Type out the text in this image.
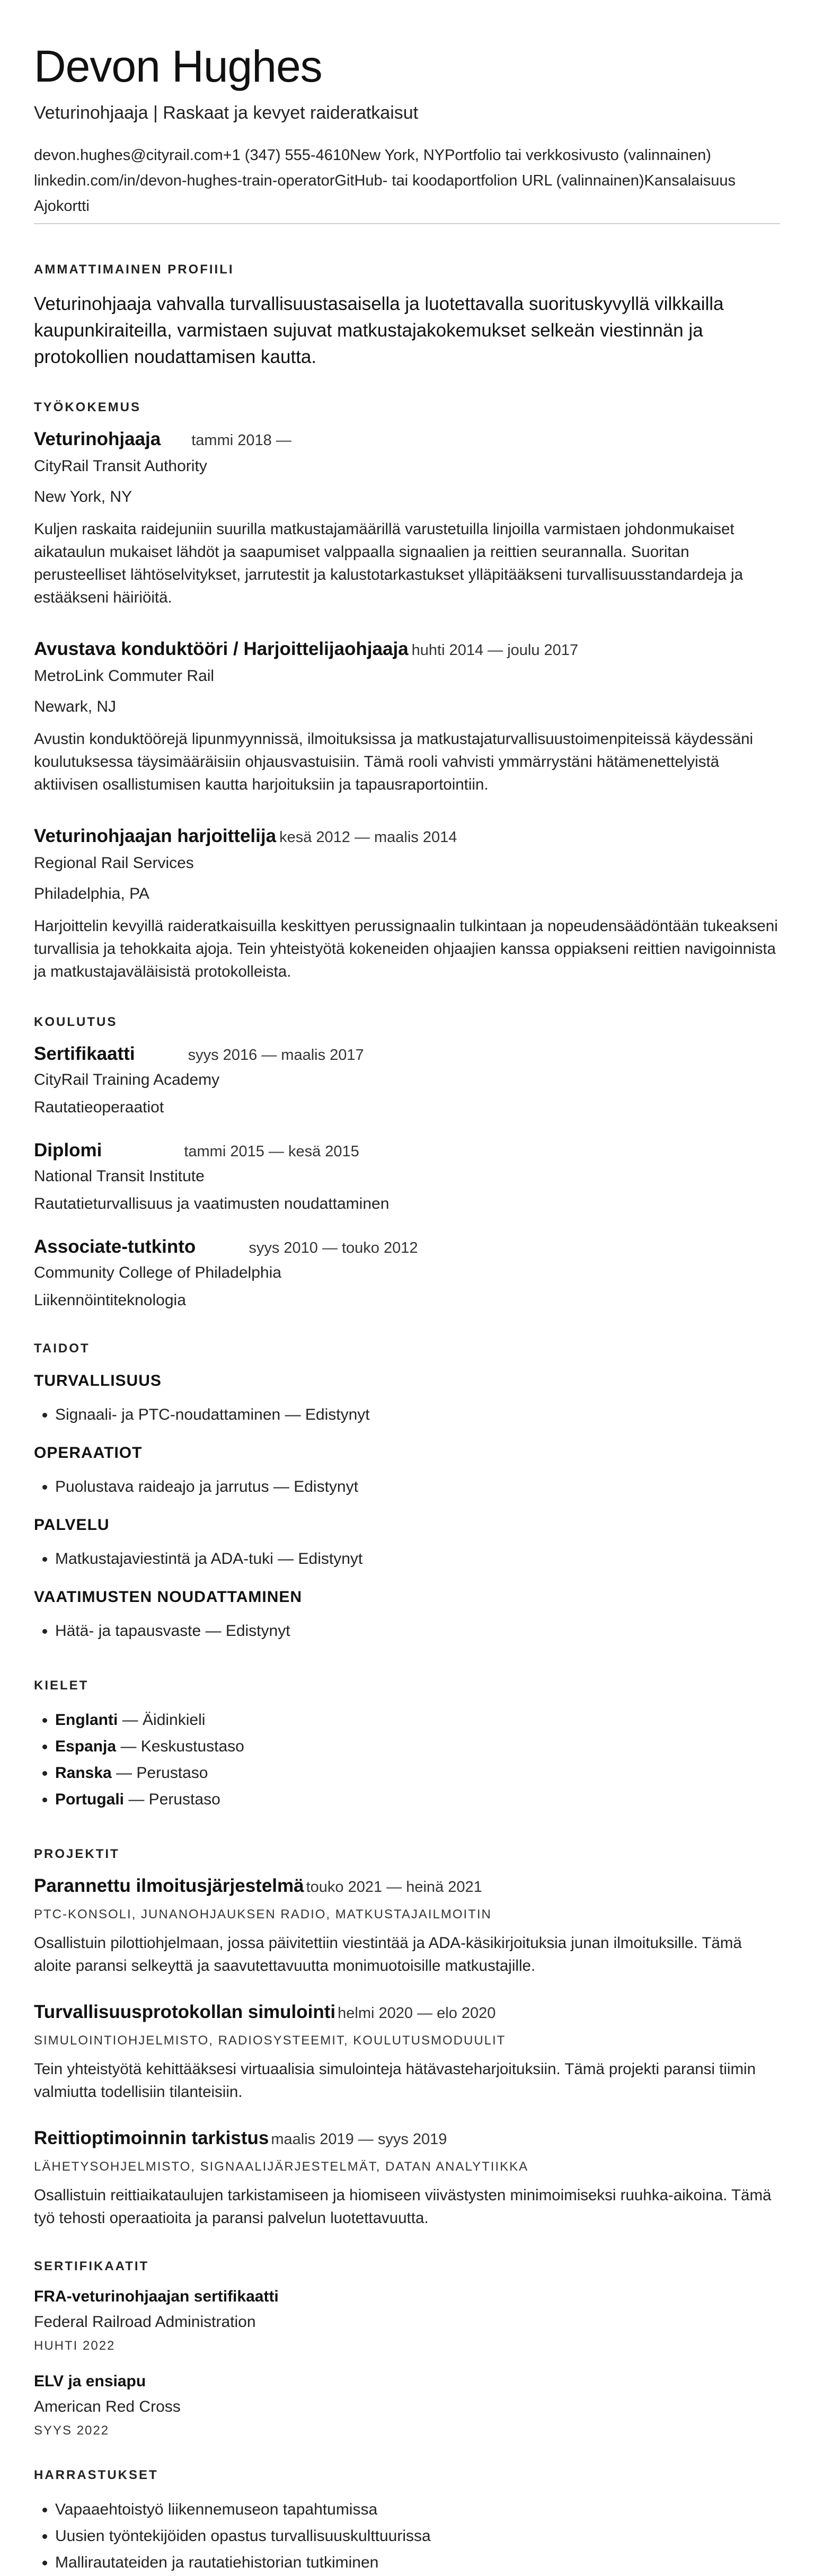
Devon Hughes
Veturinohjaaja | Raskaat ja kevyet raideratkaisut
devon.hughes@cityrail.com+1 (347) 555-4610New York, NYPortfolio tai verkkosivusto (valinnainen)
linkedin.com/in/devon-hughes-train-operatorGitHub- tai koodaportfolion URL (valinnainen)Kansalaisuus
Ajokortti
AMMATTIMAINEN PROFIILI

Veturinohjaaja vahvalla turvallisuustasaisella ja luotettavalla suorituskyvyllä vilkkailla kaupunkiraiteilla, varmistaen sujuvat matkustajakokemukset selkeän viestinnän ja protokollien noudattamisen kautta.

TYÖKOKEMUS
Veturinohjaaja tammi 2018 —
CityRail Transit Authority
New York, NY
Kuljen raskaita raidejuniin suurilla matkustajamäärillä varustetuilla linjoilla varmistaen johdonmukaiset aikataulun mukaiset lähdöt ja saapumiset valppaalla signaalien ja reittien seurannalla. Suoritan perusteelliset lähtöselvitykset, jarrutestit ja kalustotarkastukset ylläpitääkseni turvallisuusstandardeja ja estääkseni häiriöitä.
Avustava konduktööri / Harjoittelijaohjaaja huhti 2014 — joulu 2017
MetroLink Commuter Rail
Newark, NJ
Avustin konduktöörejä lipunmyynnissä, ilmoituksissa ja matkustajaturvallisuustoimenpiteissä käydessäni koulutuksessa täysimääräisiin ohjausvastuisiin. Tämä rooli vahvisti ymmärrystäni hätämenettelyistä aktiivisen osallistumisen kautta harjoituksiin ja tapausraportointiin.
Veturinohjaajan harjoittelija kesä 2012 — maalis 2014
Regional Rail Services
Philadelphia, PA
Harjoittelin kevyillä raideratkaisuilla keskittyen perussignaalin tulkintaan ja nopeudensäädöntään tukeakseni turvallisia ja tehokkaita ajoja. Tein yhteistyötä kokeneiden ohjaajien kanssa oppiakseni reittien navigoinnista ja matkustajaväläisistä protokolleista.
KOULUTUS
Sertifikaatti	syys 2016 — maalis 2017
CityRail Training Academy
Rautatieoperaatiot
Diplomi	tammi 2015 — kesä 2015
National Transit Institute
Rautatieturvallisuus ja vaatimusten noudattaminen
Associate-tutkinto	syys 2010 — touko 2012
Community College of Philadelphia
Liikennöintiteknologia
TAIDOT
TURVALLISUUS
• Signaali- ja PTC-noudattaminen — Edistynyt
OPERAATIOT
• Puolustava raideajo ja jarrutus — Edistynyt
PALVELU
• Matkustajaviestintä ja ADA-tuki — Edistynyt
VAATIMUSTEN NOUDATTAMINEN
• Hätä- ja tapausvaste — Edistynyt
KIELET
• Englanti — Äidinkieli
• Espanja — Keskustustaso
• Ranska — Perustaso
• Portugali — Perustaso
PROJEKTIT
Parannettu ilmoitusjärjestelmä touko 2021 — heinä 2021
PTC-KONSOLI, JUNANOHJAUKSEN RADIO, MATKUSTAJAILMOITIN
Osallistuin pilottiohjelmaan, jossa päivitettiin viestintää ja ADA-käsikirjoituksia junan ilmoituksille. Tämä aloite paransi selkeyttä ja saavutettavuutta monimuotoisille matkustajille.
Turvallisuusprotokollan simulointi helmi 2020 — elo 2020
SIMULOINTIOHJELMISTO, RADIOSYSTEEMIT, KOULUTUSMODUULIT
Tein yhteistyötä kehittääksesi virtuaalisia simulointeja hätävasteharjoituksiin. Tämä projekti paransi tiimin valmiutta todellisiin tilanteisiin.
Reittioptimoinnin tarkistus maalis 2019 — syys 2019
LÄHETYSOHJELMISTO, SIGNAALIJÄRJESTELMÄT, DATAN ANALYTIIKKA
Osallistuin reittiaikataulujen tarkistamiseen ja hiomiseen viivästysten minimoimiseksi ruuhka-aikoina. Tämä työ tehosti operaatioita ja paransi palvelun luotettavuutta.
SERTIFIKAATIT
FRA-veturinohjaajan sertifikaatti
Federal Railroad Administration
HUHTI 2022
ELV ja ensiapu
American Red Cross
SYYS 2022
HARRASTUKSET
• Vapaaehtoistyö liikennemuseon tapahtumissa
• Uusien työntekijöiden opastus turvallisuuskulttuurissa
• Mallirautateiden ja rautatiehistorian tutkiminen
